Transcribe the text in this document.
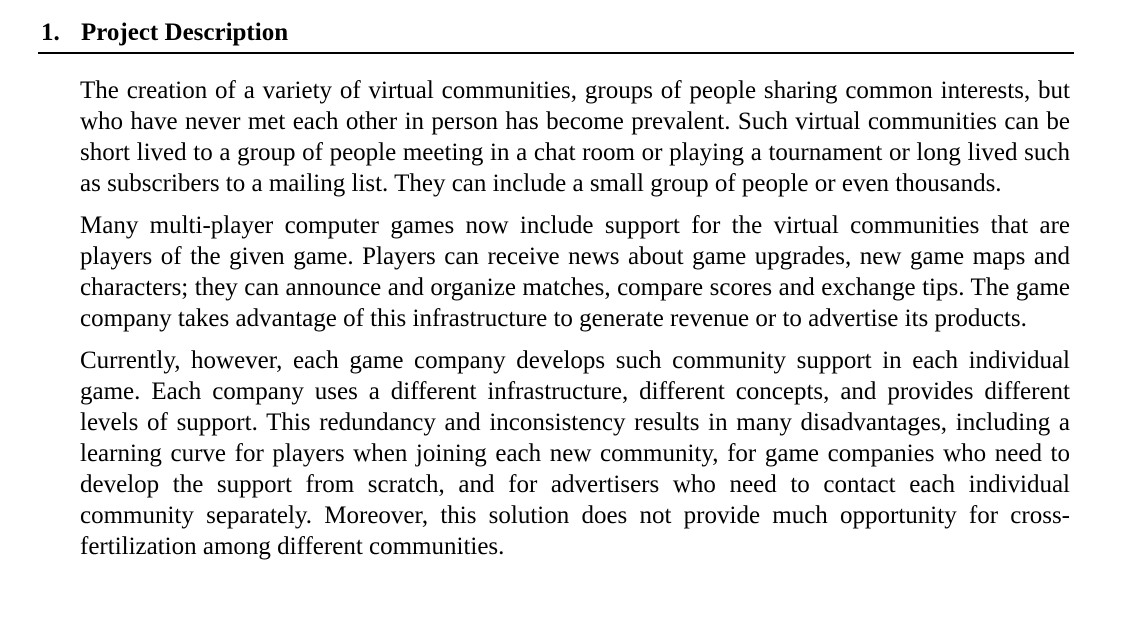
1. Project Description

The creation of a variety of virtual communities, groups of people sharing common interests, but who have never met each other in person has become prevalent. Such virtual communities can be short lived to a group of people meeting in a chat room or playing a tournament or long lived such as subscribers to a mailing list. They can include a small group of people or even thousands.

Many multi-player computer games now include support for the virtual communities that are players of the given game. Players can receive news about game upgrades, new game maps and characters; they can announce and organize matches, compare scores and exchange tips. The game company takes advantage of this infrastructure to generate revenue or to advertise its products.

Currently, however, each game company develops such community support in each individual game. Each company uses a different infrastructure, different concepts, and provides different levels of support. This redundancy and inconsistency results in many disadvantages, including a learning curve for players when joining each new community, for game companies who need to develop the support from scratch, and for advertisers who need to contact each individual community separately. Moreover, this solution does not provide much opportunity for cross-fertilization among different communities.
